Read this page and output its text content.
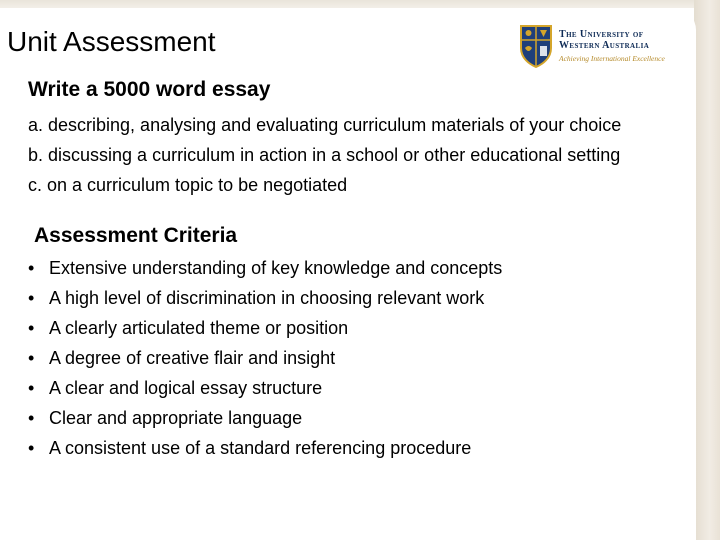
Unit Assessment	The University of
Western Australia
Achieving International Excellence
Write a 5000 word essay
a. describing, analysing and evaluating curriculum materials of your choice
b. discussing a curriculum in action in a school or other educational setting
c. on a curriculum topic to be negotiated
Assessment Criteria
• Extensive understanding of key knowledge and concepts
• A high level of discrimination in choosing relevant work
• A clearly articulated theme or position
• A degree of creative flair and insight
• A clear and logical essay structure
• Clear and appropriate language
• A consistent use of a standard referencing procedure
